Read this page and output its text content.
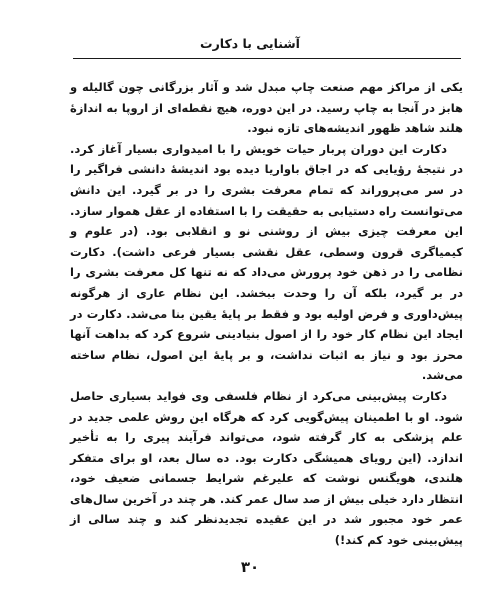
آشنایی با دکارت

یکی از مراکز مهم صنعت چاپ مبدل شد و آثار بزرگانی چون گالیله و هابز در آنجا به چاپ رسید. در این دوره، هیچ نقطه‌ای از اروپا به اندازهٔ هلند شاهد ظهور اندیشه‌های تازه نبود.

دکارت این دوران پربار حیات خویش را با امیدواری بسیار آغاز کرد. در نتیجهٔ رؤیایی که در اجاق باواریا دیده بود اندیشهٔ دانشی فراگیر را در سر می‌پروراند که تمام معرفت بشری را در بر گیرد. این دانش می‌توانست راه دستیابی به حقیقت را با استفاده از عقل هموار سازد. این معرفت چیزی بیش از روشنی نو و انقلابی بود. (در علوم و کیمیاگری قرون وسطی، عقل نقشی بسیار فرعی داشت). دکارت نظامی را در ذهن خود پرورش می‌داد که نه تنها کل معرفت بشری را در بر گیرد، بلکه آن را وحدت ببخشد. این نظام عاری از هرگونه پیش‌داوری و فرض اولیه بود و فقط بر پایهٔ یقین بنا می‌شد. دکارت در ایجاد این نظام کار خود را از اصول بنیادینی شروع کرد که بداهت آنها محرز بود و نیاز به اثبات نداشت، و بر پایهٔ این اصول، نظام ساخته می‌شد.

دکارت پیش‌بینی می‌کرد از نظام فلسفی وی فواید بسیاری حاصل شود. او با اطمینان پیش‌گویی کرد که هرگاه این روش علمی جدید در علم پزشکی به کار گرفته شود، می‌تواند فرآیند پیری را به تأخیر اندازد. (این رویای همیشگی دکارت بود. ده سال بعد، او برای متفکر هلندی، هویگنس نوشت که علیرغم شرایط جسمانی ضعیف خود، انتظار دارد خیلی بیش از صد سال عمر کند. هر چند در آخرین سال‌های عمر خود مجبور شد در این عقیده تجدیدنظر کند و چند سالی از پیش‌بینی خود کم کند!)

۳۰
